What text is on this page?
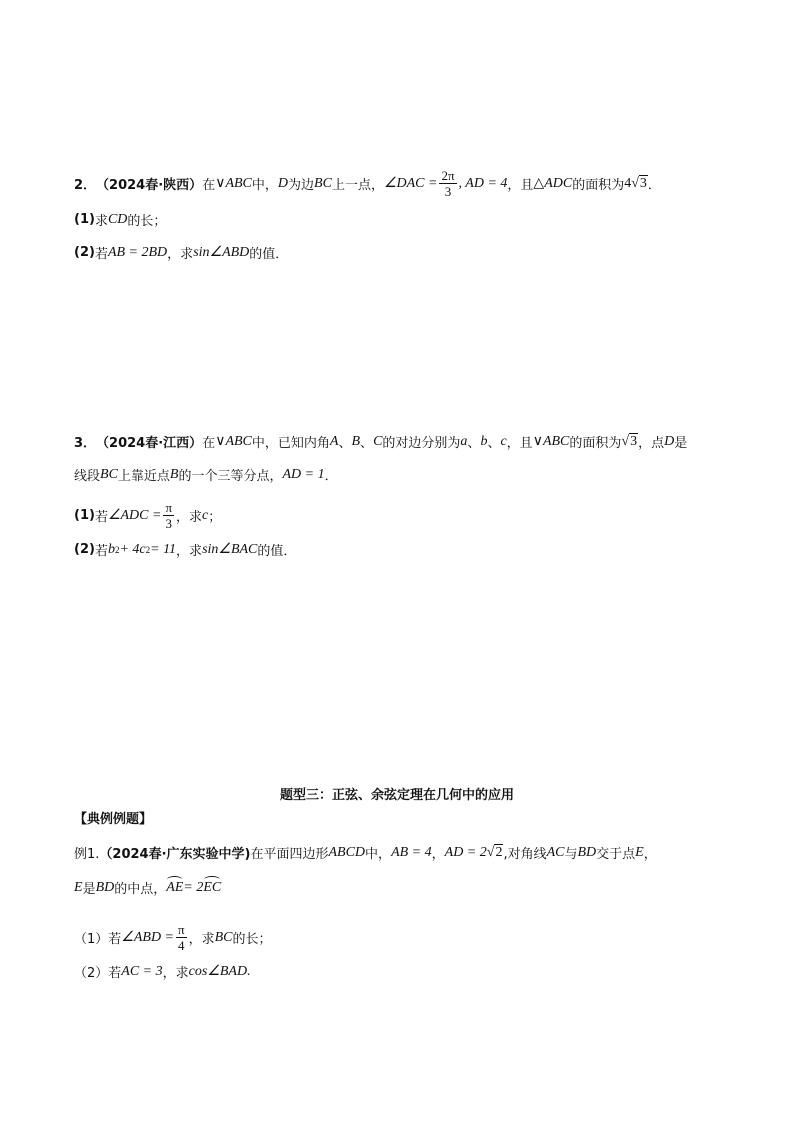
2． （2024春·陕西） 在 ∨ ABC 中， D 为边 BC 上一点， ∠DAC = $\frac{2\pi}{3}$ , AD = 4 ，且 △ ADC 的面积为 4 √3 ．
(1) 求 CD 的长；
(2) 若 AB = 2BD ，求 sin∠ABD 的值．
3． （2024春·江西） 在 ∨ ABC 中，已知内角 A 、 B 、 C 的对边分别为 a 、 b 、 c ，且 ∨ ABC 的面积为 √3 ，点 D 是
线段 BC 上靠近点 B 的一个三等分点， AD = 1 ．
(1) 若 ∠ADC = $\frac{\pi}{3}$ ，求 c ；
(2) 若 b 2 + 4c 2 = 11 ，求 sin∠BAC 的值．
题型三：正弦、余弦定理在几何中的应用
【典例例题】
例1. （2024春·广东实验中学) 在平面四边形 ABCD 中， AB = 4 ， AD = 2 √2 ,对角线 AC 与 BD 交于点 E ，
E 是 BD 的中点， AE = 2 EC
（1） 若 ∠ABD = $\frac{\pi}{4}$ ，求 BC 的长；
（2） 若 AC = 3 ，求 cos∠BAD.
